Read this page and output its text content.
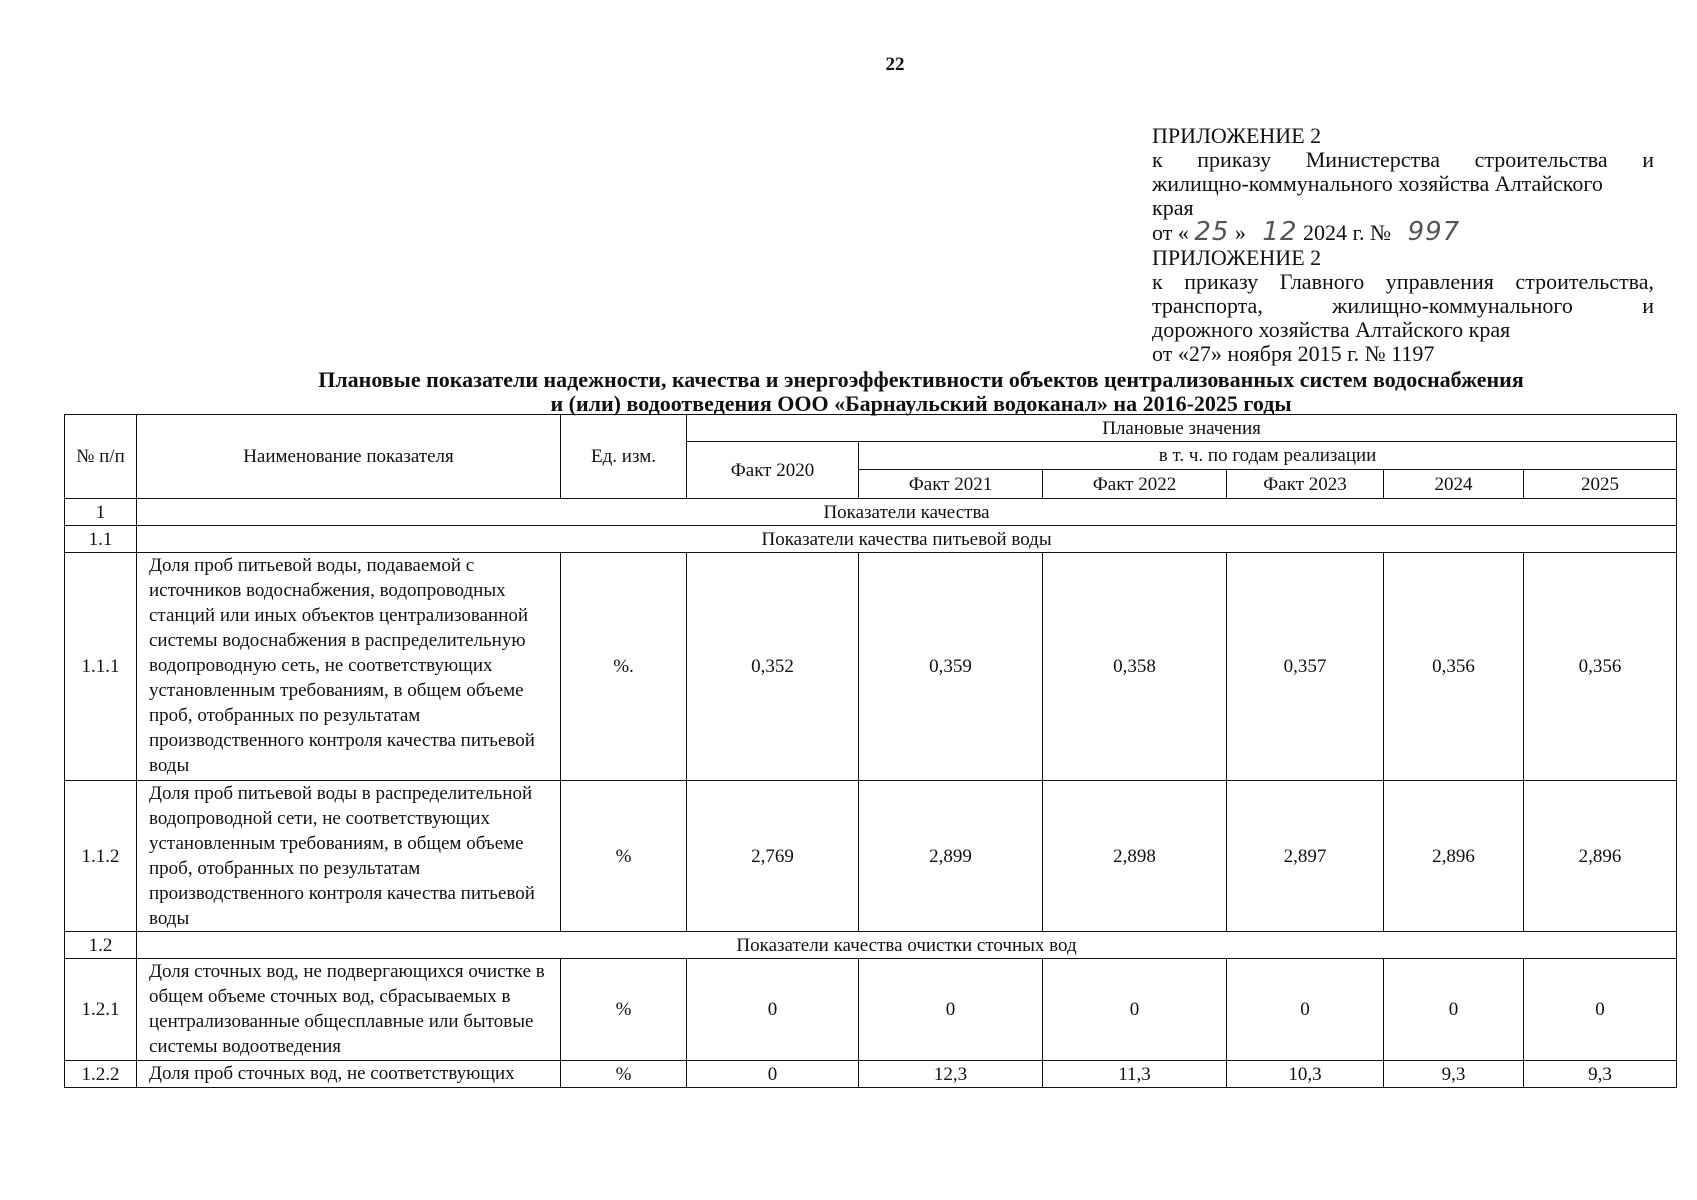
22
ПРИЛОЖЕНИЕ 2
к приказу Министерства строительства и
жилищно-коммунального хозяйства Алтайского
края
от « 25 » 12 2024 г. № 997
ПРИЛОЖЕНИЕ 2
к приказу Главного управления строительства,
транспорта, жилищно-коммунального и
дорожного хозяйства Алтайского края
от «27» ноября 2015 г. № 1197
Плановые показатели надежности, качества и энергоэффективности объектов централизованных систем водоснабжения
и (или) водоотведения ООО «Барнаульский водоканал» на 2016-2025 годы
№ п/п	Наименование показателя	Ед. изм.	Плановые значения					
			Факт 2020	в т. ч. по годам реализации				
				Факт 2021	Факт 2022	Факт 2023	2024	2025
1	Показатели качества							
1.1	Показатели качества питьевой воды							
1.1.1	Доля проб питьевой воды, подаваемой с источников водоснабжения, водопроводных станций или иных объектов централизованной системы водоснабжения в распределительную водопроводную сеть, не соответствующих установленным требованиям, в общем объеме проб, отобранных по результатам производственного контроля качества питьевой воды	%.	0,352	0,359	0,358	0,357	0,356	0,356
1.1.2	Доля проб питьевой воды в распределительной водопроводной сети, не соответствующих установленным требованиям, в общем объеме проб, отобранных по результатам производственного контроля качества питьевой воды	%	2,769	2,899	2,898	2,897	2,896	2,896
1.2	Показатели качества очистки сточных вод							
1.2.1	Доля сточных вод, не подвергающихся очистке в общем объеме сточных вод, сбрасываемых в централизованные общесплавные или бытовые системы водоотведения	%	0	0	0	0	0	0
1.2.2	Доля проб сточных вод, не соответствующих	%	0	12,3	11,3	10,3	9,3	9,3
